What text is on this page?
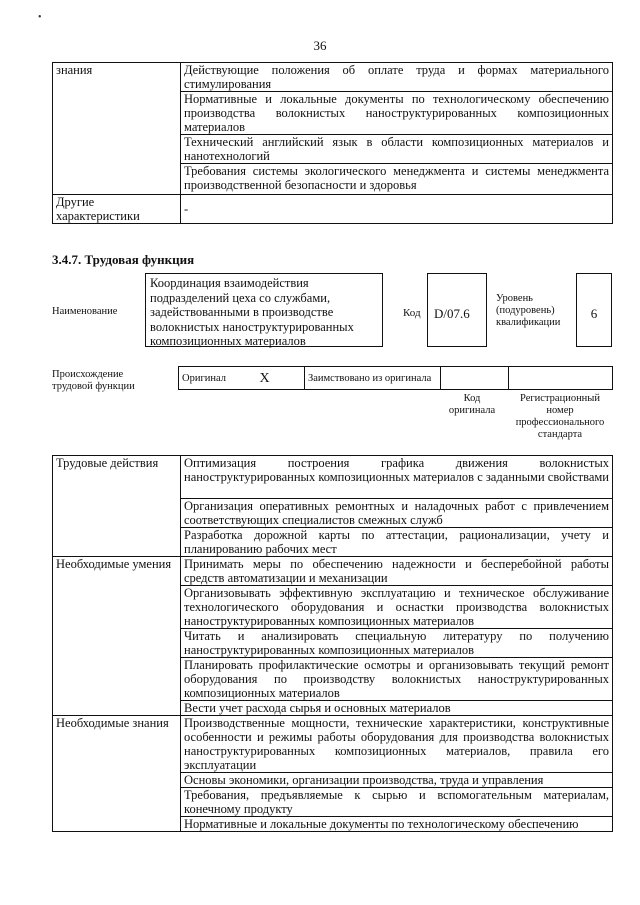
•
36
знания	Действующие положения об оплате труда и формах материального стимулирования
	Нормативные и локальные документы по технологическому обеспечению производства волокнистых наноструктурированных композиционных материалов
	Технический английский язык в области композиционных материалов и нанотехнологий
	Требования системы экологического менеджмента и системы менеджмента производственной безопасности и здоровья
Другие характеристики	-
3.4.7. Трудовая функция
Наименование
Координация взаимодействия подразделений цеха со службами, задействованными в производстве волокнистых наноструктурированных композиционных материалов
Код	D/07.6
Уровень (подуровень) квалификации
6
Происхождение трудовой функции
Оригинал	X	Заимствовано из оригинала		
Код оригинала
Регистрационный номер профессионального стандарта
Трудовые действия	Оптимизация построения графика движения волокнистых наноструктурированных композиционных материалов с заданными свойствами
	Организация оперативных ремонтных и наладочных работ с привлечением соответствующих специалистов смежных служб
	Разработка дорожной карты по аттестации, рационализации, учету и планированию рабочих мест
Необходимые умения	Принимать меры по обеспечению надежности и бесперебойной работы средств автоматизации и механизации
	Организовывать эффективную эксплуатацию и техническое обслуживание технологического оборудования и оснастки производства волокнистых наноструктурированных композиционных материалов
	Читать и анализировать специальную литературу по получению наноструктурированных композиционных материалов
	Планировать профилактические осмотры и организовывать текущий ремонт оборудования по производству волокнистых наноструктурированных композиционных материалов
	Вести учет расхода сырья и основных материалов
Необходимые знания	Производственные мощности, технические характеристики, конструктивные особенности и режимы работы оборудования для производства волокнистых наноструктурированных композиционных материалов, правила его эксплуатации
	Основы экономики, организации производства, труда и управления
	Требования, предъявляемые к сырью и вспомогательным материалам, конечному продукту
	Нормативные и локальные документы по технологическому обеспечению
